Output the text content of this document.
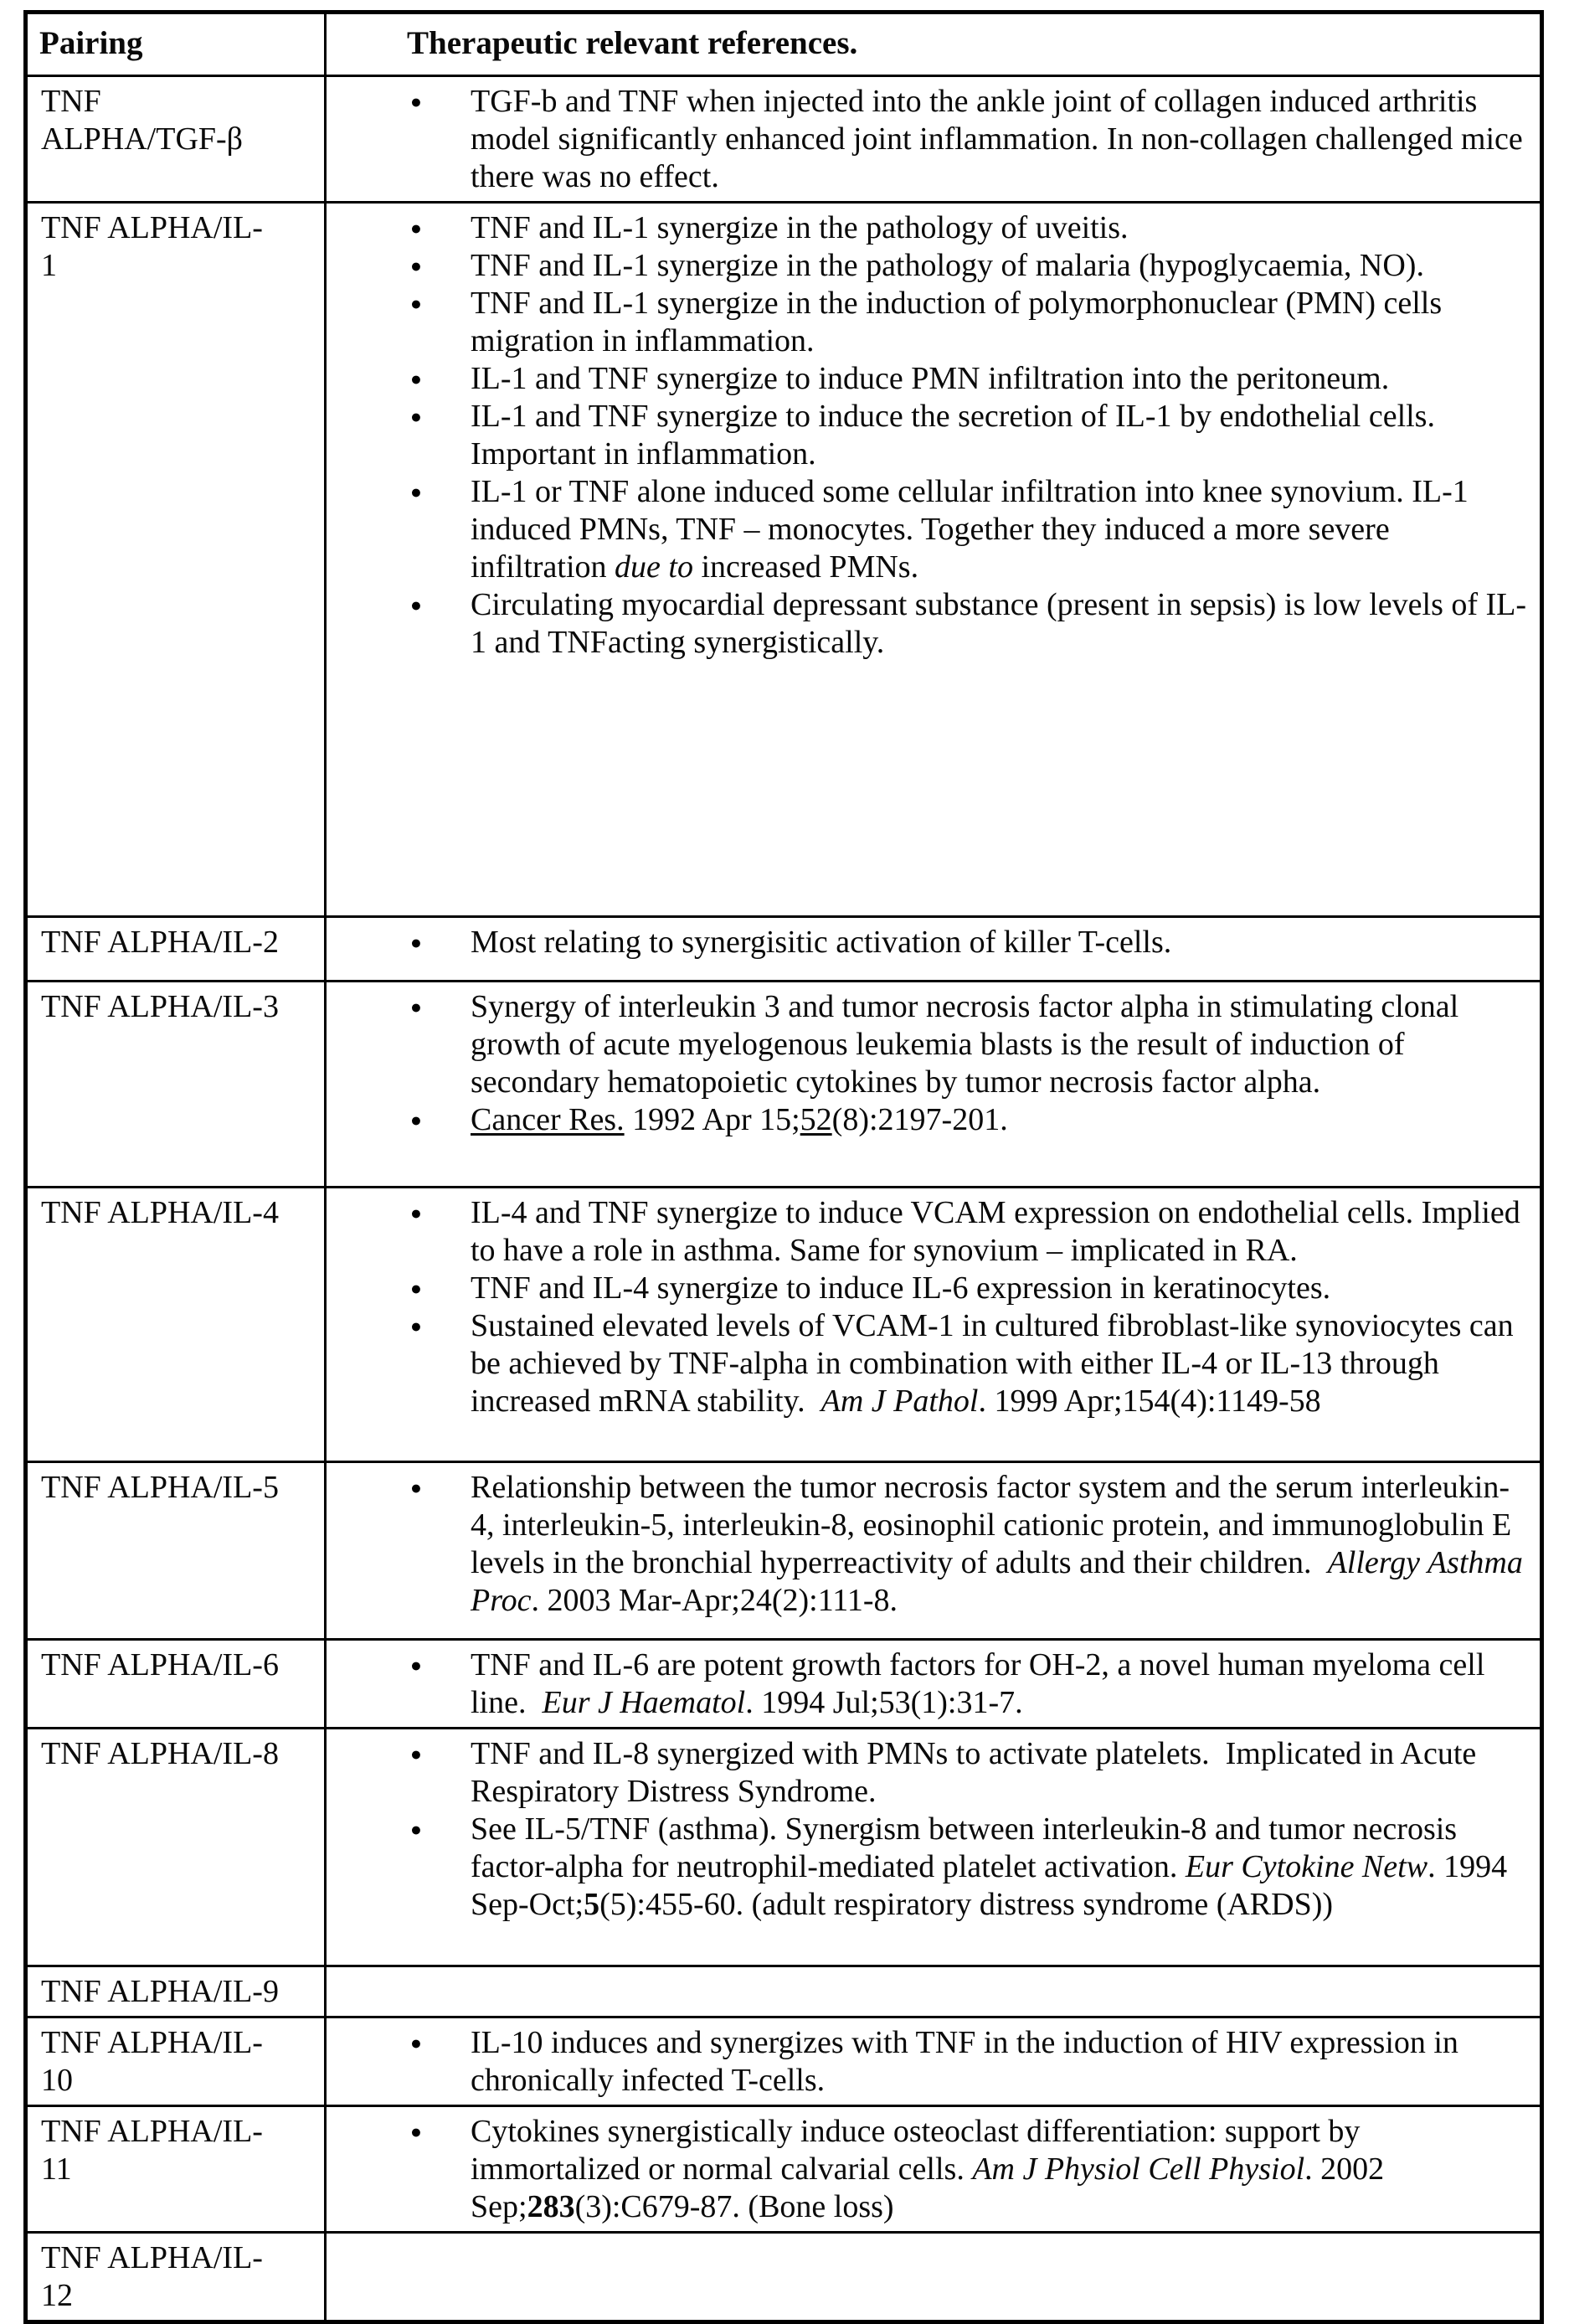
Pairing	Therapeutic relevant references.
TNF
ALPHA/TGF-β	● TGF-b and TNF when injected into the ankle joint of collagen induced arthritis model significantly enhanced joint inflammation. In non-collagen challenged mice there was no effect.

TNF ALPHA/IL-
1	
●	TNF and IL-1 synergize in the pathology of uveitis.
●	TNF and IL-1 synergize in the pathology of malaria (hypoglycaemia, NO).
●	TNF and IL-1 synergize in the induction of polymorphonuclear (PMN) cells migration in inflammation.
●	IL-1 and TNF synergize to induce PMN infiltration into the peritoneum.
●	IL-1 and TNF synergize to induce the secretion of IL-1 by endothelial cells. Important in inflammation.
●	IL-1 or TNF alone induced some cellular infiltration into knee synovium. IL-1 induced PMNs, TNF – monocytes. Together they induced a more severe infiltration due to increased PMNs.
●	Circulating myocardial depressant substance (present in sepsis) is low levels of IL-1 and TNFacting synergistically.

TNF ALPHA/IL-2	● Most relating to synergisitic activation of killer T-cells.

TNF ALPHA/IL-3	● Synergy of interleukin 3 and tumor necrosis factor alpha in stimulating clonal growth of acute myelogenous leukemia blasts is the result of induction of secondary hematopoietic cytokines by tumor necrosis factor alpha.
● Cancer Res. 1992 Apr 15;52(8):2197-201.

TNF ALPHA/IL-4	●	IL-4 and TNF synergize to induce VCAM expression on endothelial cells. Implied to have a role in asthma. Same for synovium – implicated in RA.
●	TNF and IL-4 synergize to induce IL-6 expression in keratinocytes.
●	Sustained elevated levels of VCAM-1 in cultured fibroblast-like synoviocytes can be achieved by TNF-alpha in combination with either IL-4 or IL-13 through increased mRNA stability.  Am J Pathol. 1999 Apr;154(4):1149-58

TNF ALPHA/IL-5	● Relationship between the tumor necrosis factor system and the serum interleukin-4, interleukin-5, interleukin-8, eosinophil cationic protein, and immunoglobulin E levels in the bronchial hyperreactivity of adults and their children.  Allergy Asthma Proc. 2003 Mar-Apr;24(2):111-8.

TNF ALPHA/IL-6	● TNF and IL-6 are potent growth factors for OH-2, a novel human myeloma cell line.  Eur J Haematol. 1994 Jul;53(1):31-7.

TNF ALPHA/IL-8	● TNF and IL-8 synergized with PMNs to activate platelets.  Implicated in Acute Respiratory Distress Syndrome.
● See IL-5/TNF (asthma). Synergism between interleukin-8 and tumor necrosis factor-alpha for neutrophil-mediated platelet activation. Eur Cytokine Netw. 1994 Sep-Oct;5(5):455-60. (adult respiratory distress syndrome (ARDS))

TNF ALPHA/IL-9	
TNF ALPHA/IL-
10	● IL-10 induces and synergizes with TNF in the induction of HIV expression in chronically infected T-cells.

TNF ALPHA/IL-
11	● Cytokines synergistically induce osteoclast differentiation: support by immortalized or normal calvarial cells. Am J Physiol Cell Physiol. 2002 Sep;283(3):C679-87. (Bone loss)

TNF ALPHA/IL-
12	
